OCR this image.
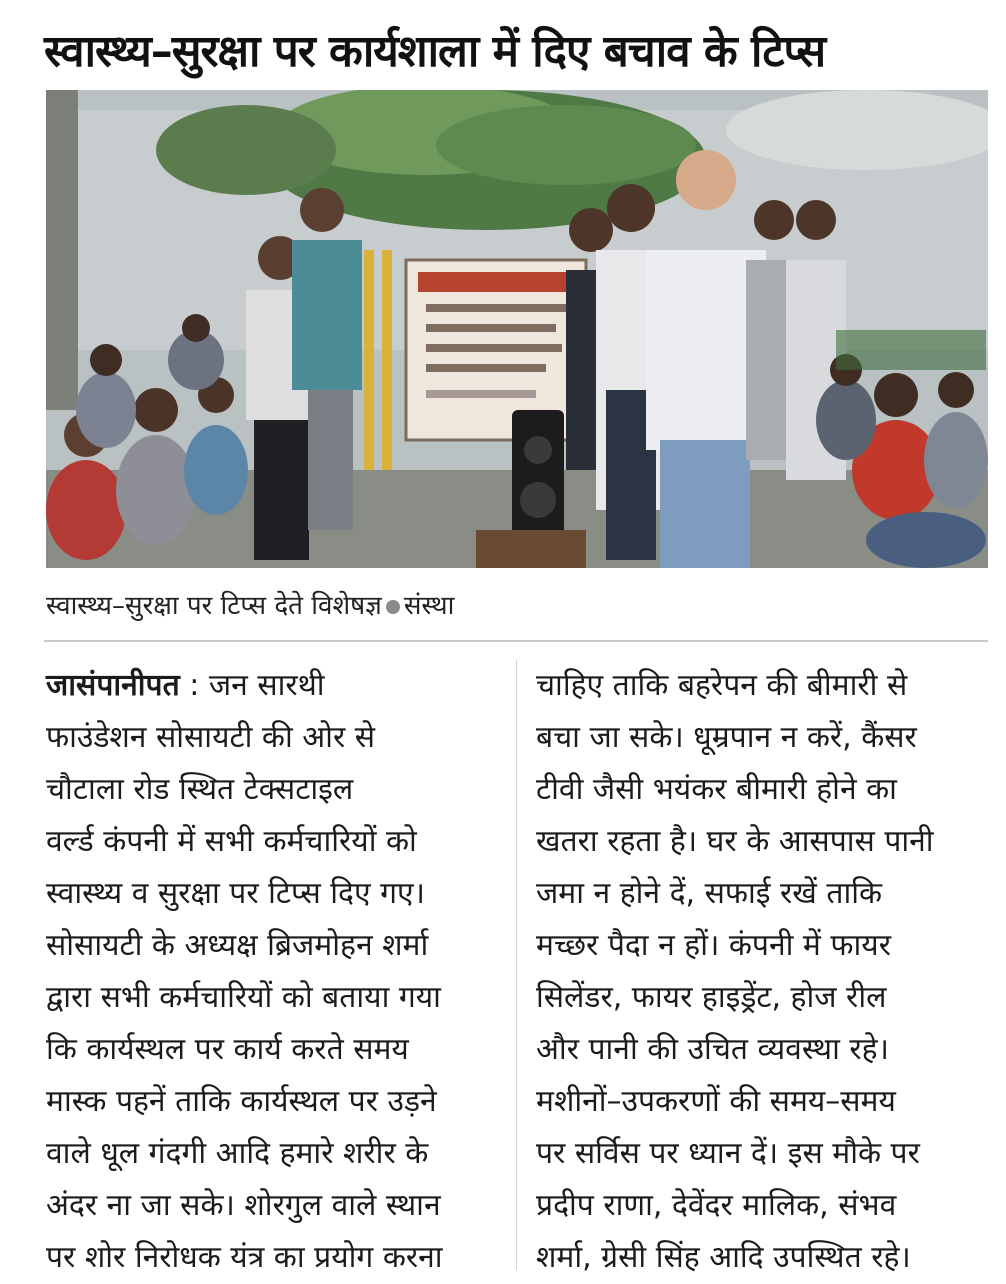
स्वास्थ्य–सुरक्षा पर कार्यशाला में दिए बचाव के टिप्स
स्वास्थ्य–सुरक्षा पर टिप्स देते विशेषज्ञ संस्था
जासंपानीपत : जन सारथी
फाउंडेशन सोसायटी की ओर से
चौटाला रोड स्थित टेक्सटाइल
वर्ल्ड कंपनी में सभी कर्मचारियों को
स्वास्थ्य व सुरक्षा पर टिप्स दिए गए।
सोसायटी के अध्यक्ष ब्रिजमोहन शर्मा
द्वारा सभी कर्मचारियों को बताया गया
कि कार्यस्थल पर कार्य करते समय
मास्क पहनें ताकि कार्यस्थल पर उड़ने
वाले धूल गंदगी आदि हमारे शरीर के
अंदर ना जा सके। शोरगुल वाले स्थान
पर शोर निरोधक यंत्र का प्रयोग करना
चाहिए ताकि बहरेपन की बीमारी से
बचा जा सके। धूम्रपान न करें, कैंसर
टीवी जैसी भयंकर बीमारी होने का
खतरा रहता है। घर के आसपास पानी
जमा न होने दें, सफाई रखें ताकि
मच्छर पैदा न हों। कंपनी में फायर
सिलेंडर, फायर हाइड्रेंट, होज रील
और पानी की उचित व्यवस्था रहे।
मशीनों–उपकरणों की समय–समय
पर सर्विस पर ध्यान दें। इस मौके पर
प्रदीप राणा, देवेंदर मालिक, संभव
शर्मा, ग्रेसी सिंह आदि उपस्थित रहे।
